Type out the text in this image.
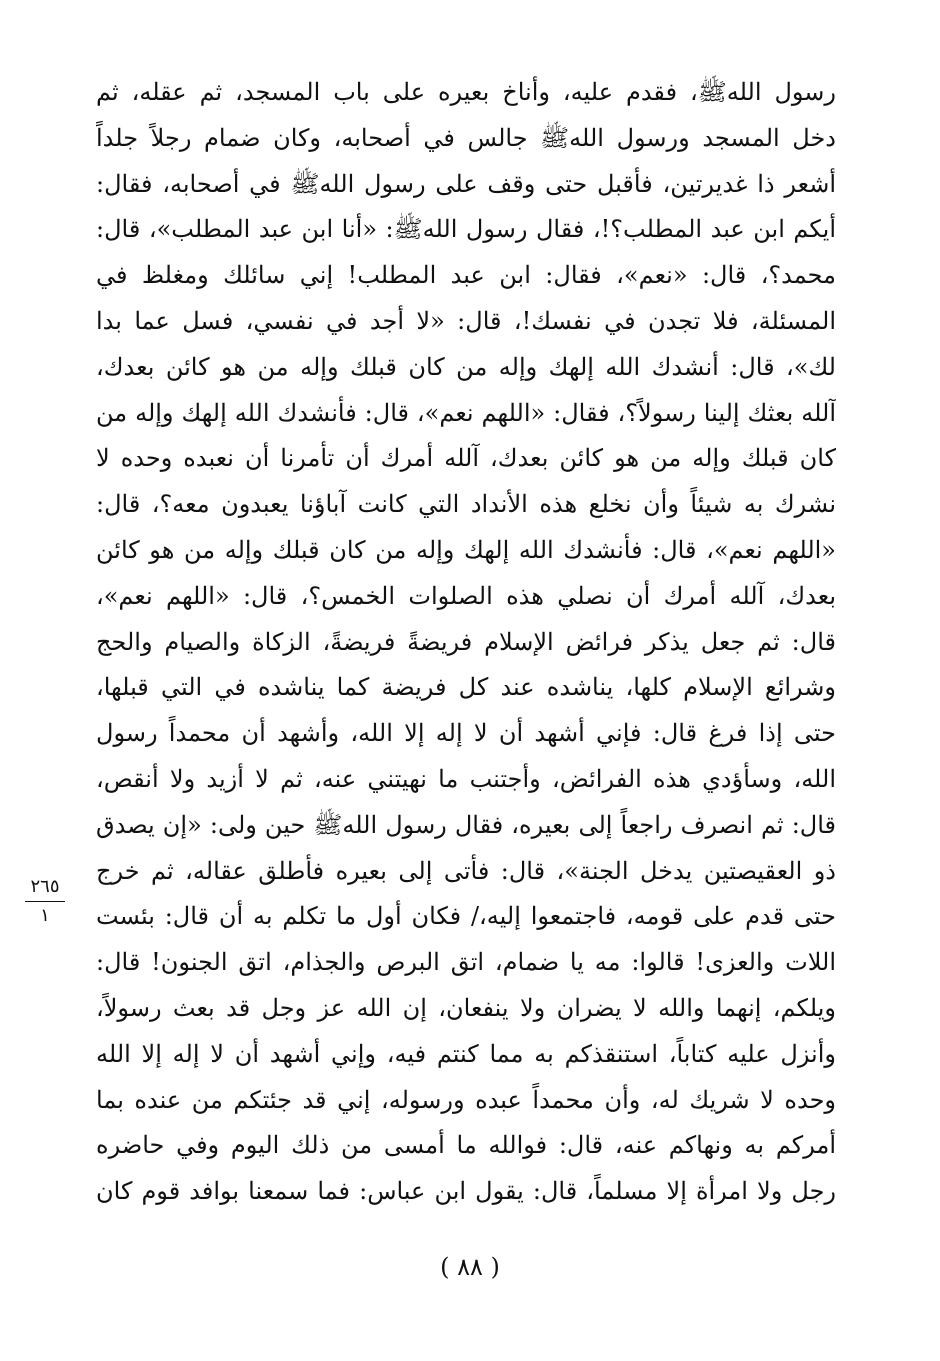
رسول اللهﷺ، فقدم عليه، وأناخ بعيره على باب المسجد، ثم عقله، ثم
دخل المسجد ورسول اللهﷺ جالس في أصحابه، وكان ضمام رجلاً جلداً
أشعر ذا غديرتين، فأقبل حتى وقف على رسول اللهﷺ في أصحابه، فقال:
أيكم ابن عبد المطلب؟!، فقال رسول اللهﷺ: «أنا ابن عبد المطلب»، قال:
محمد؟، قال: «نعم»، فقال: ابن عبد المطلب! إني سائلك ومغلظ في
المسئلة، فلا تجدن في نفسك!، قال: «لا أجد في نفسي، فسل عما بدا
لك»، قال: أنشدك الله إلهك وإله من كان قبلك وإله من هو كائن بعدك،
آلله بعثك إلينا رسولاً؟، فقال: «اللهم نعم»، قال: فأنشدك الله إلهك وإله من
كان قبلك وإله من هو كائن بعدك، آلله أمرك أن تأمرنا أن نعبده وحده لا
نشرك به شيئاً وأن نخلع هذه الأنداد التي كانت آباؤنا يعبدون معه؟، قال:
«اللهم نعم»، قال: فأنشدك الله إلهك وإله من كان قبلك وإله من هو كائن
بعدك، آلله أمرك أن نصلي هذه الصلوات الخمس؟، قال: «اللهم نعم»،
قال: ثم جعل يذكر فرائض الإسلام فريضةً فريضةً، الزكاة والصيام والحج
وشرائع الإسلام كلها، يناشده عند كل فريضة كما يناشده في التي قبلها،
حتى إذا فرغ قال: فإني أشهد أن لا إله إلا الله، وأشهد أن محمداً رسول
الله، وسأؤدي هذه الفرائض، وأجتنب ما نهيتني عنه، ثم لا أزيد ولا أنقص،
قال: ثم انصرف راجعاً إلى بعيره، فقال رسول اللهﷺ حين ولى: «إن يصدق
ذو العقيصتين يدخل الجنة»، قال: فأتى إلى بعيره فأطلق عقاله، ثم خرج
حتى قدم على قومه، فاجتمعوا إليه،/ فكان أول ما تكلم به أن قال: بئست
اللات والعزى! قالوا: مه يا ضمام، اتق البرص والجذام، اتق الجنون! قال:
ويلكم، إنهما والله لا يضران ولا ينفعان، إن الله عز وجل قد بعث رسولاً،
وأنزل عليه كتاباً، استنقذكم به مما كنتم فيه، وإني أشهد أن لا إله إلا الله
وحده لا شريك له، وأن محمداً عبده ورسوله، إني قد جئتكم من عنده بما
أمركم به ونهاكم عنه، قال: فوالله ما أمسى من ذلك اليوم وفي حاضره
رجل ولا امرأة إلا مسلماً، قال: يقول ابن عباس: فما سمعنا بوافد قوم كان
٢٦٥
١
( ٨٨ )
